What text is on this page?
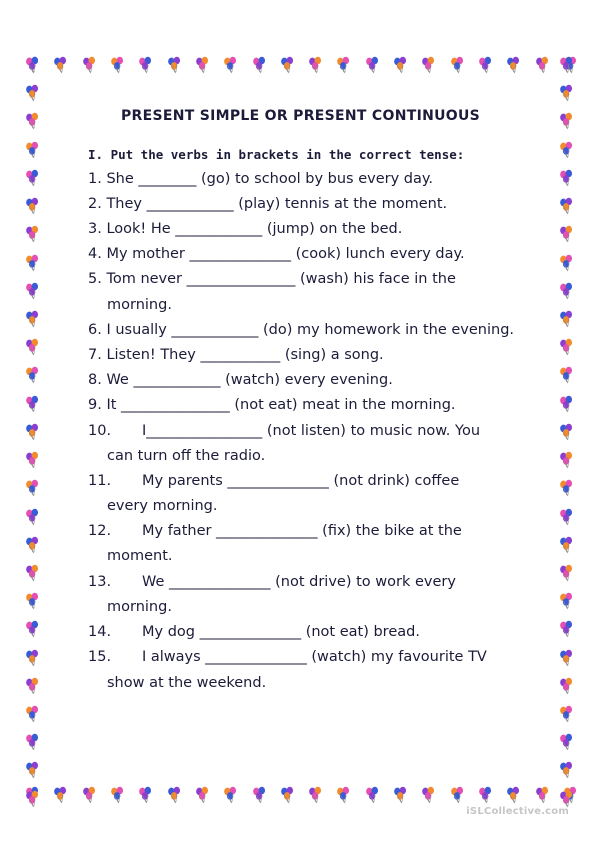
PRESENT SIMPLE OR PRESENT CONTINUOUS
I. Put the verbs in brackets in the correct tense:
1. She ________ (go) to school by bus every day.
2. They ____________ (play) tennis at the moment.
3. Look! He ____________ (jump) on the bed.
4. My mother ______________ (cook) lunch every day.
5. Tom never _______________ (wash) his face in the
morning.
6. I usually ____________ (do) my homework in the evening.
7. Listen! They ___________ (sing) a song.
8. We ____________ (watch) every evening.
9. It _______________ (not eat) meat in the morning.
10. I________________ (not listen) to music now. You
can turn off the radio.
11. My parents ______________ (not drink) coffee
every morning.
12. My father ______________ (fix) the bike at the
moment.
13. We ______________ (not drive) to work every
morning.
14. My dog ______________ (not eat) bread.
15. I always ______________ (watch) my favourite TV
show at the weekend.
iSLCollective.com
